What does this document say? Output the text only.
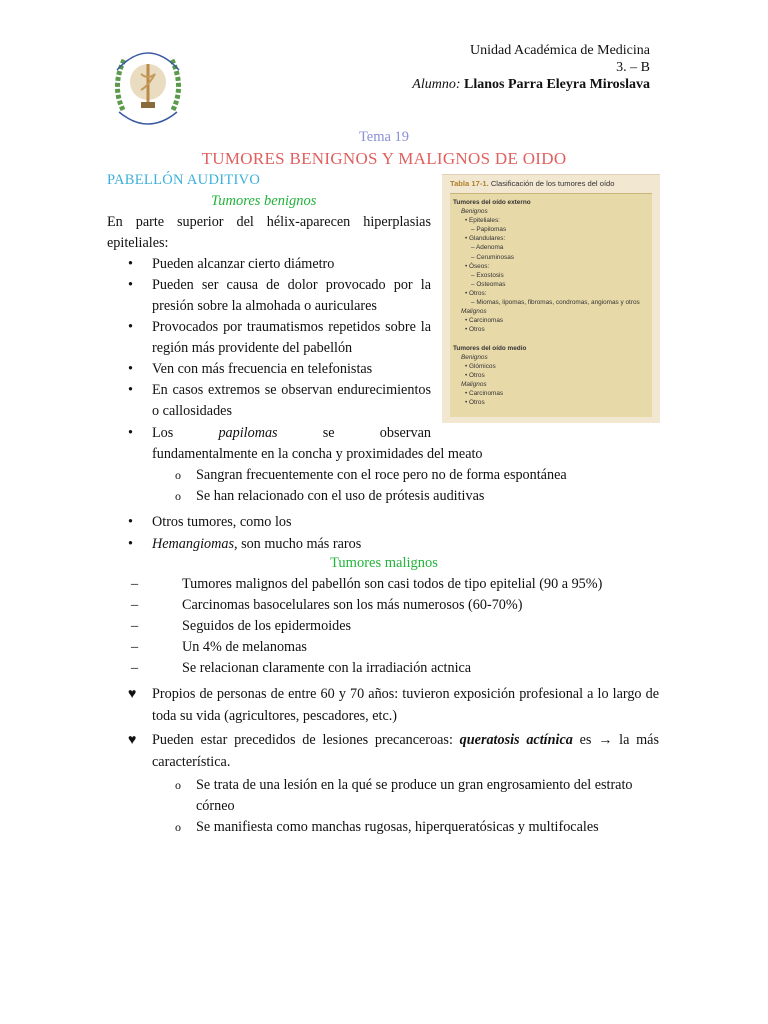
Unidad Académica de Medicina
3. – B
Alumno: Llanos Parra Eleyra Miroslava
Tema 19
TUMORES BENIGNOS Y MALIGNOS DE OIDO
PABELLÓN AUDITIVO
Tumores benignos
En parte superior del hélix-aparecen hiperplasias epiteliales:
• Pueden alcanzar cierto diámetro
• Pueden ser causa de dolor provocado por la presión sobre la almohada o auriculares
• Provocados por traumatismos repetidos sobre la región más providente del pabellón
• Ven con más frecuencia en telefonistas
• En casos extremos se observan endurecimientos o callosidades
• Los	papilomas	se	observan
fundamentalmente en la concha y proximidades del meato
o Sangran frecuentemente con el roce pero no de forma espontánea
o Se han relacionado con el uso de prótesis auditivas
• Otros tumores, como los
• Hemangiomas, son mucho más raros
Tabla 17-1. Clasificación de los tumores del oído
Tumores del oído externo
Benignos
• Epiteliales:
– Papilomas
• Glandulares:
– Adenoma
– Ceruminosas
• Óseos:
– Exostosis
– Osteomas
• Otros:
– Miomas, lipomas, fibromas, condromas, angiomas y otros
Malignos
• Carcinomas
• Otros

Tumores del oído medio
Benignos
• Glómicos
• Otros
Malignos
• Carcinomas
• Otros
Tumores malignos
–	Tumores malignos del pabellón son casi todos de tipo epitelial (90 a 95%)
–	Carcinomas basocelulares son los más numerosos (60-70%)
–	Seguidos de los epidermoides
–	Un 4% de melanomas
–	Se relacionan claramente con la irradiación actnica
♥ Propios de personas de entre 60 y 70 años: tuvieron exposición profesional a lo largo de toda su vida (agricultores, pescadores, etc.)
♥ Pueden estar precedidos de lesiones precanceroas: queratosis actínica es → la más característica.
o Se trata de una lesión en la qué se produce un gran engrosamiento del estrato córneo
o Se manifiesta como manchas rugosas, hiperqueratósicas y multifocales
